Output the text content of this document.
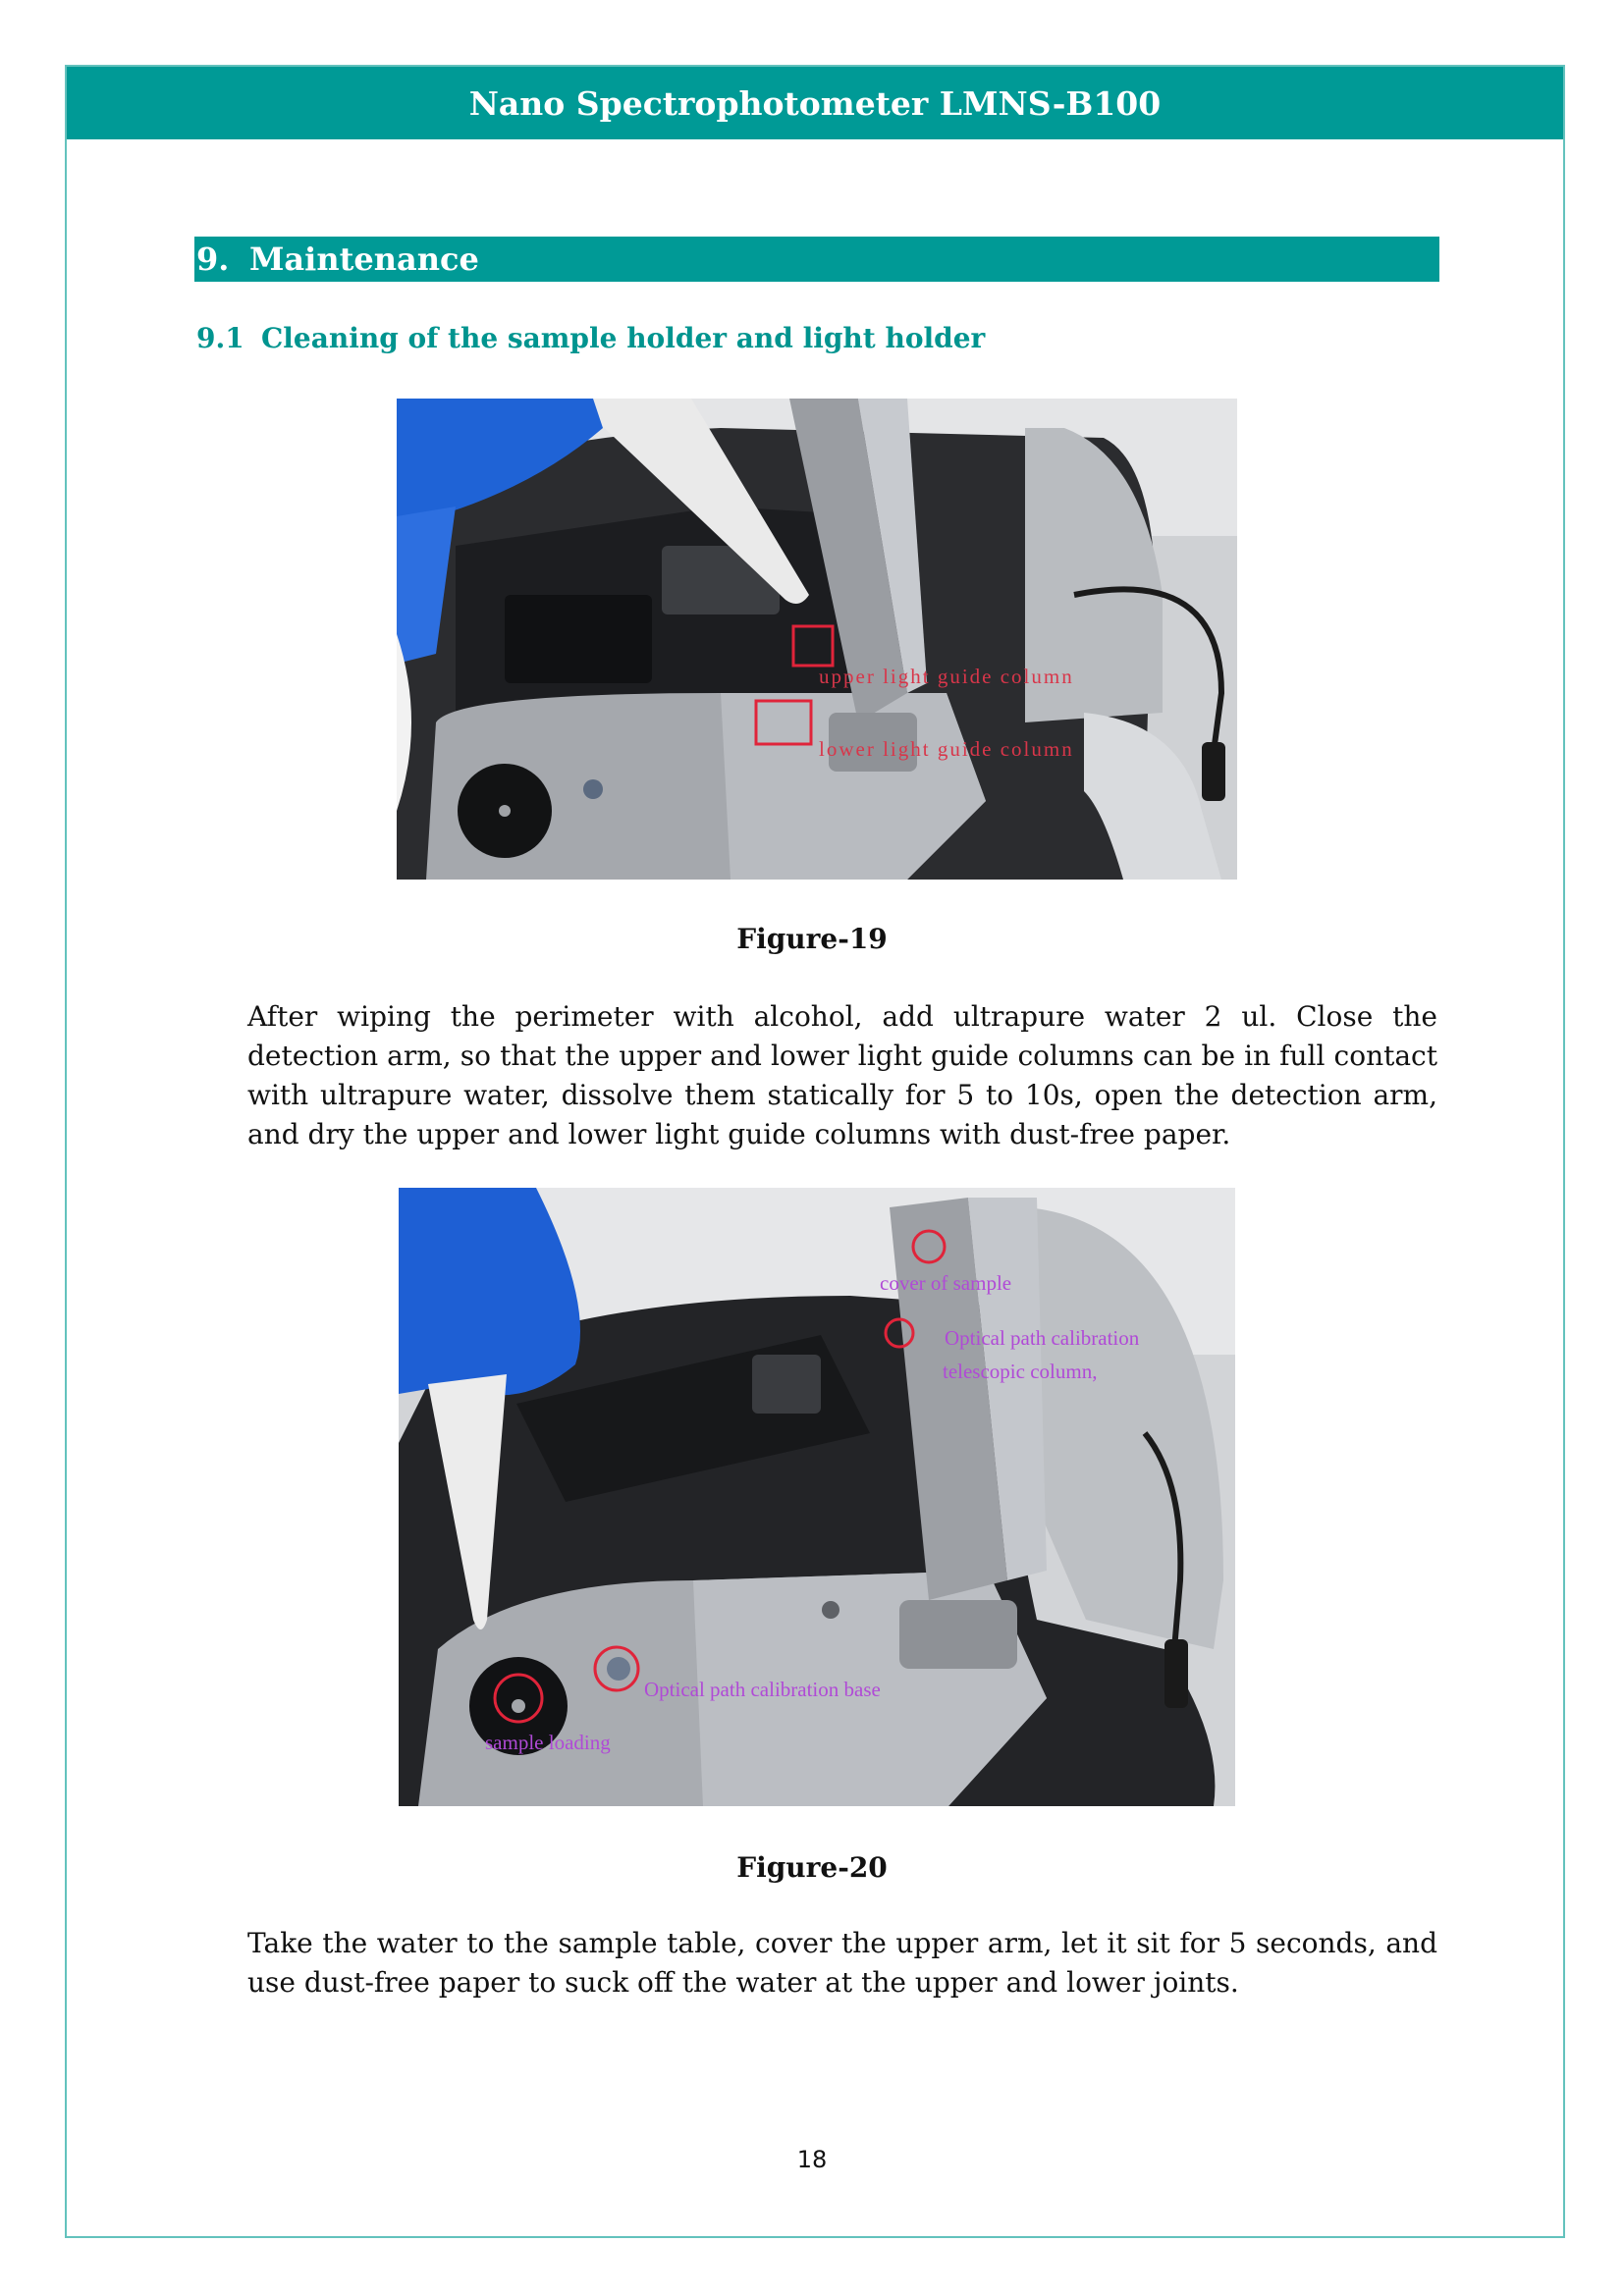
Nano Spectrophotometer LMNS-B100
9. Maintenance
9.1 Cleaning of the sample holder and light holder
upper light guide column
lower light guide column
Figure-19
After wiping the perimeter with alcohol, add ultrapure water 2 ul. Close the detection arm, so that the upper and lower light guide columns can be in full contact with ultrapure water, dissolve them statically for 5 to 10s, open the detection arm, and dry the upper and lower light guide columns with dust-free paper.
cover of sample
Optical path calibration
telescopic column,
Optical path calibration base
sample loading
Figure-20
Take the water to the sample table, cover the upper arm, let it sit for 5 seconds, and use dust-free paper to suck off the water at the upper and lower joints.
18
